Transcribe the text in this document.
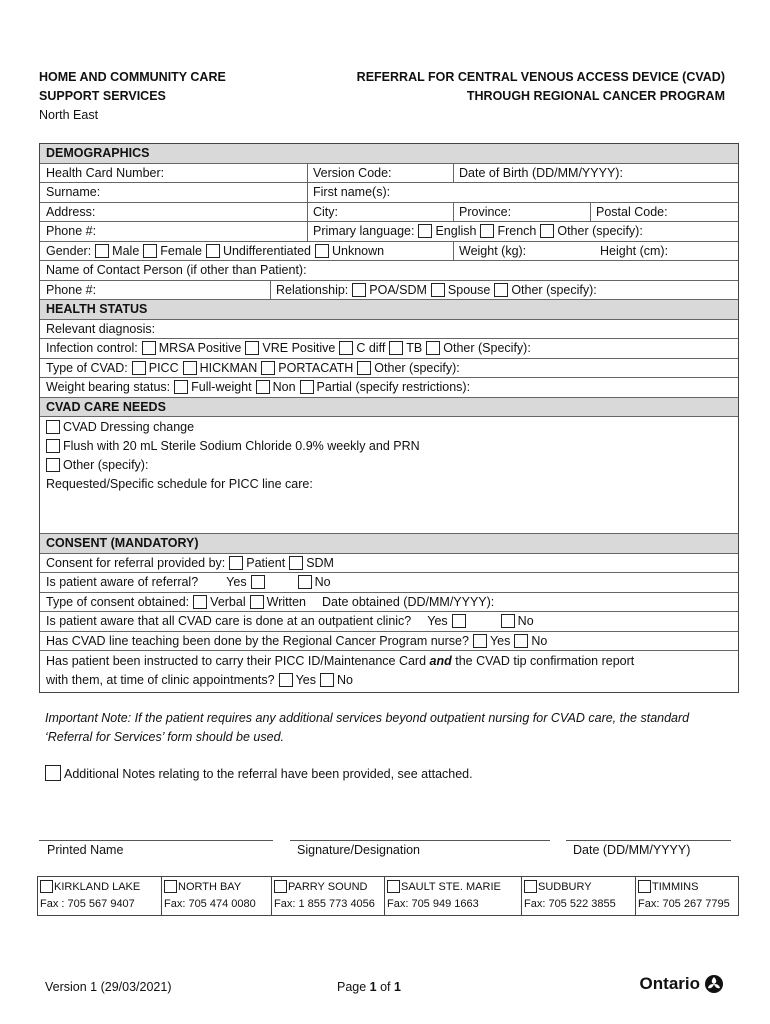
HOME AND COMMUNITY CARE
SUPPORT SERVICES
North East
REFERRAL FOR CENTRAL VENOUS ACCESS DEVICE (CVAD)
THROUGH REGIONAL CANCER PROGRAM
DEMOGRAPHICS
Health Card Number:	Version Code:	Date of Birth (DD/MM/YYYY):
Surname:	First name(s):
Address:	City:	Province:	Postal Code:
Phone #:	Primary language: English French Other (specify):
Gender: Male Female Undifferentiated Unknown	Weight (kg):	Height (cm):
Name of Contact Person (if other than Patient):
Phone #:	Relationship: POA/SDM Spouse Other (specify):
HEALTH STATUS
Relevant diagnosis:
Infection control: MRSA Positive VRE Positive C diff TB Other (Specify):
Type of CVAD: PICC HICKMAN PORTACATH Other (specify):
Weight bearing status: Full-weight Non Partial (specify restrictions):
CVAD CARE NEEDS
CVAD Dressing change
Flush with 20 mL Sterile Sodium Chloride 0.9% weekly and PRN
Other (specify):
Requested/Specific schedule for PICC line care:
CONSENT (MANDATORY)
Consent for referral provided by: Patient SDM
Is patient aware of referral? Yes	No
Type of consent obtained: Verbal Written Date obtained (DD/MM/YYYY):
Is patient aware that all CVAD care is done at an outpatient clinic? Yes	No
Has CVAD line teaching been done by the Regional Cancer Program nurse? Yes No
Has patient been instructed to carry their PICC ID/Maintenance Card and the CVAD tip confirmation report
with them, at time of clinic appointments? Yes No
Important Note: If the patient requires any additional services beyond outpatient nursing for CVAD care, the standard ‘Referral for Services’ form should be used.
Additional Notes relating to the referral have been provided, see attached.
Printed Name	Signature/Designation	Date (DD/MM/YYYY)
KIRKLAND LAKE
Fax : 705 567 9407
NORTH BAY
Fax: 705 474 0080
PARRY SOUND
Fax: 1 855 773 4056
SAULT STE. MARIE
Fax: 705 949 1663
SUDBURY
Fax: 705 522 3855
TIMMINS
Fax: 705 267 7795
Version 1 (29/03/2021)	Page 1 of 1	Ontario
